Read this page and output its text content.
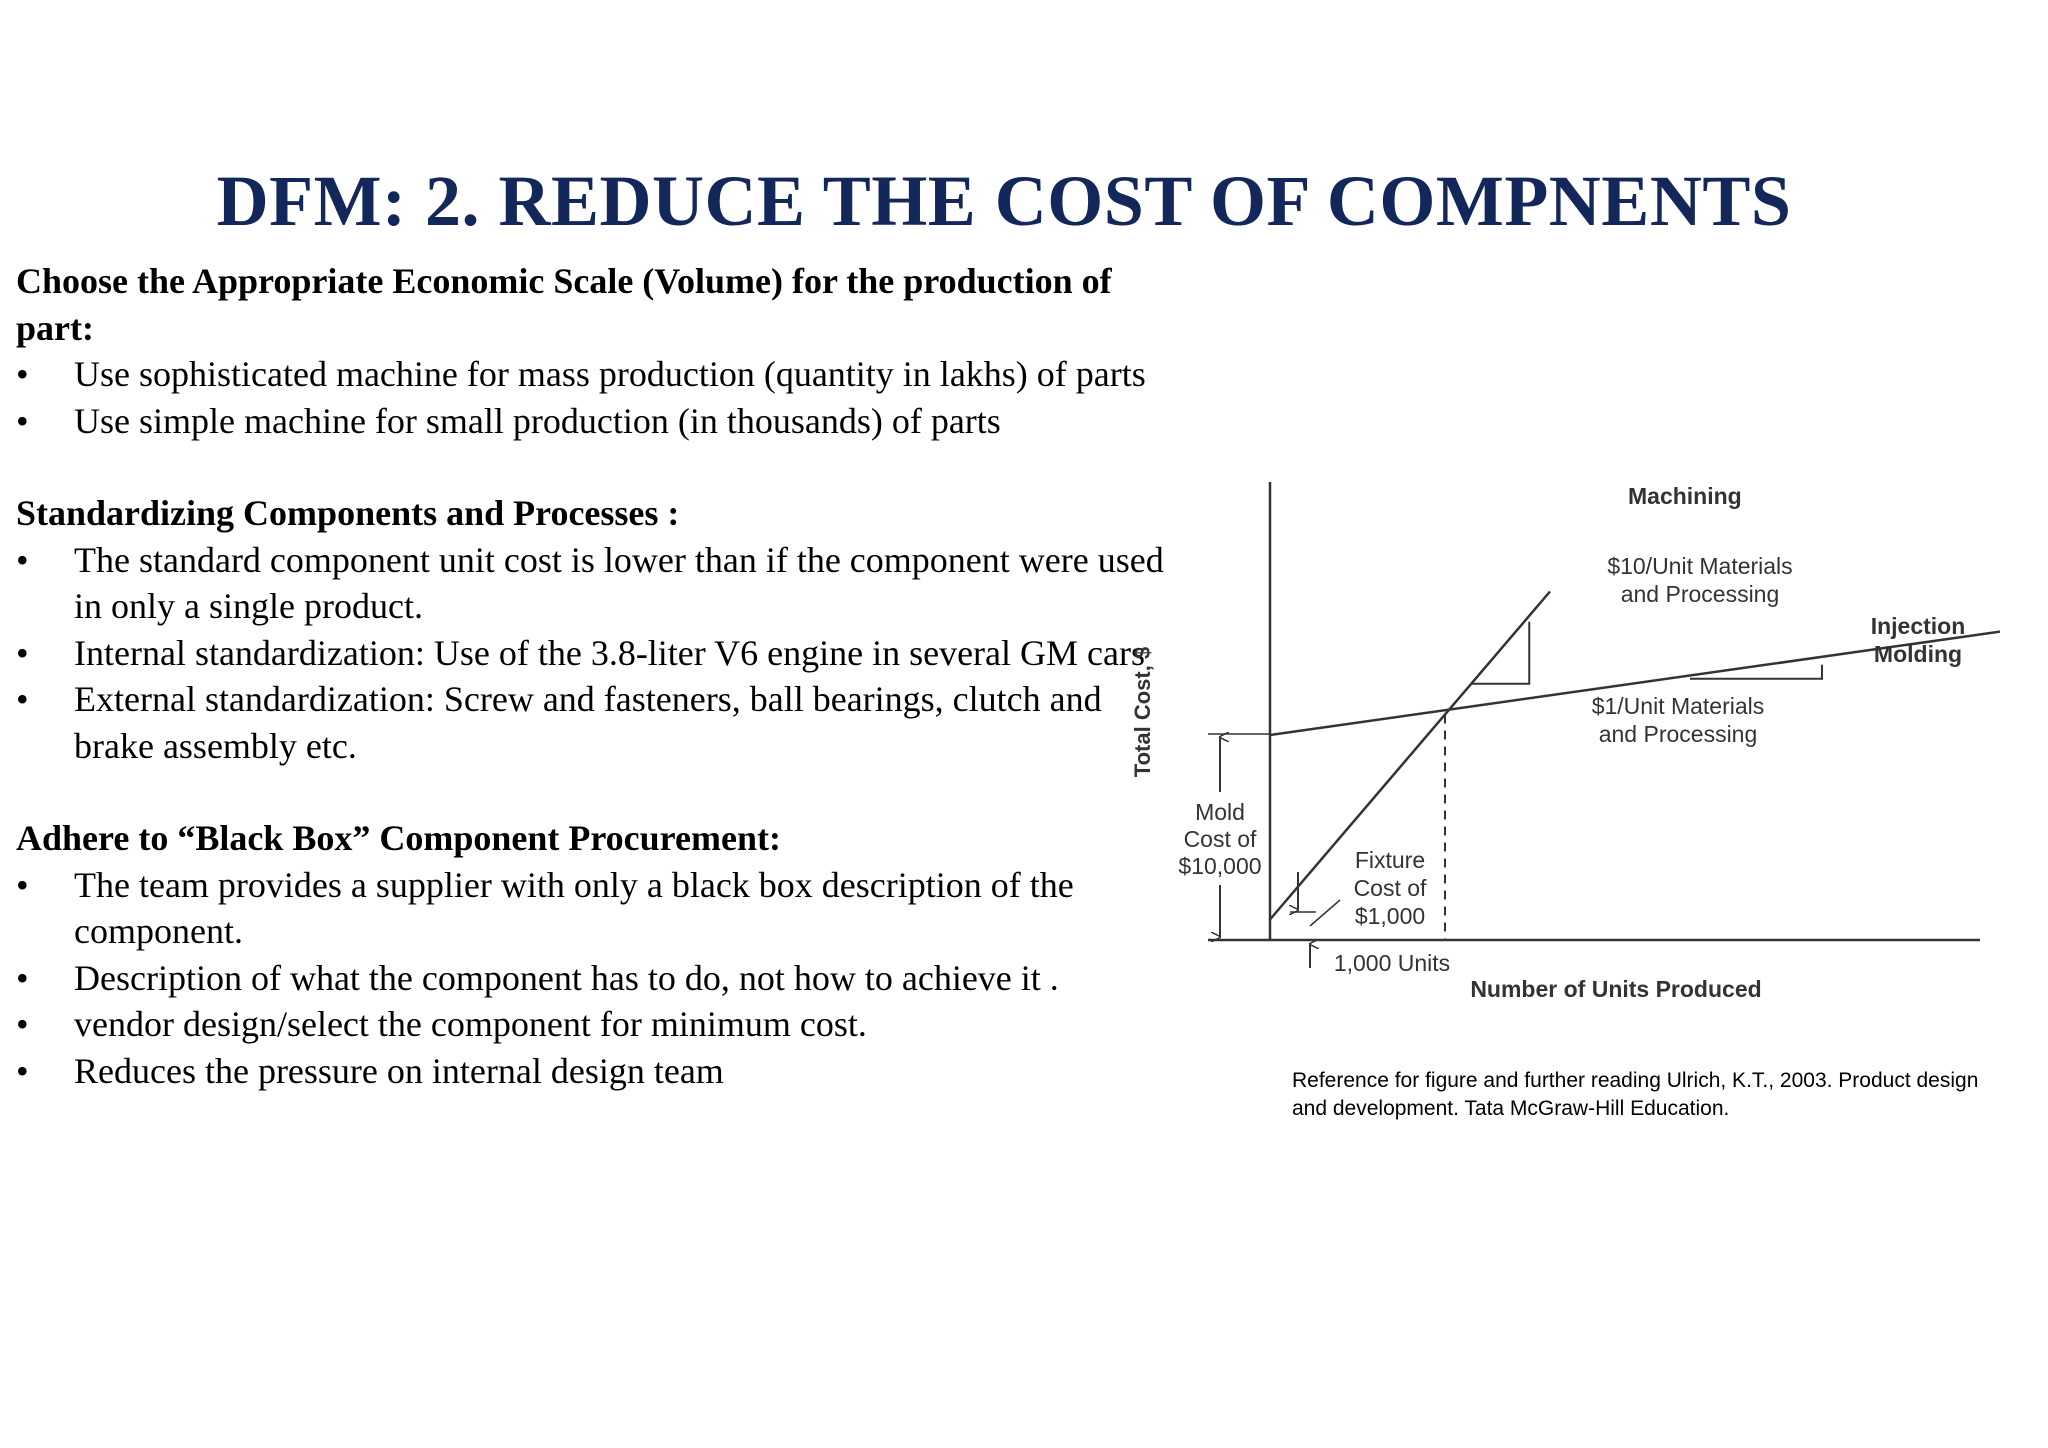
DFM: 2. REDUCE THE COST OF COMPNENTS

Choose the Appropriate Economic Scale (Volume) for the production of part:

• Use sophisticated machine for mass production (quantity in lakhs) of parts
• Use simple machine for small production (in thousands) of parts

Standardizing Components and Processes :

• The standard component unit cost is lower than if the component were used in only a single product.
• Internal standardization: Use of the 3.8-liter V6 engine in several GM cars
• External standardization: Screw and fasteners, ball bearings, clutch and brake assembly etc.

Adhere to “Black Box” Component Procurement:

• The team provides a supplier with only a black box description of the component.
• Description of what the component has to do, not how to achieve it .
• vendor design/select the component for minimum cost.
• Reduces the pressure on internal design team
Machining
$10/Unit Materials
and Processing
Injection
Molding
$1/Unit Materials
and Processing
Mold
Cost of
$10,000	Fixture
Cost of
$1,000
1,000 Units
Number of Units Produced
Total Cost, $

Reference for figure and further reading Ulrich, K.T., 2003. Product design and development. Tata McGraw-Hill Education.
